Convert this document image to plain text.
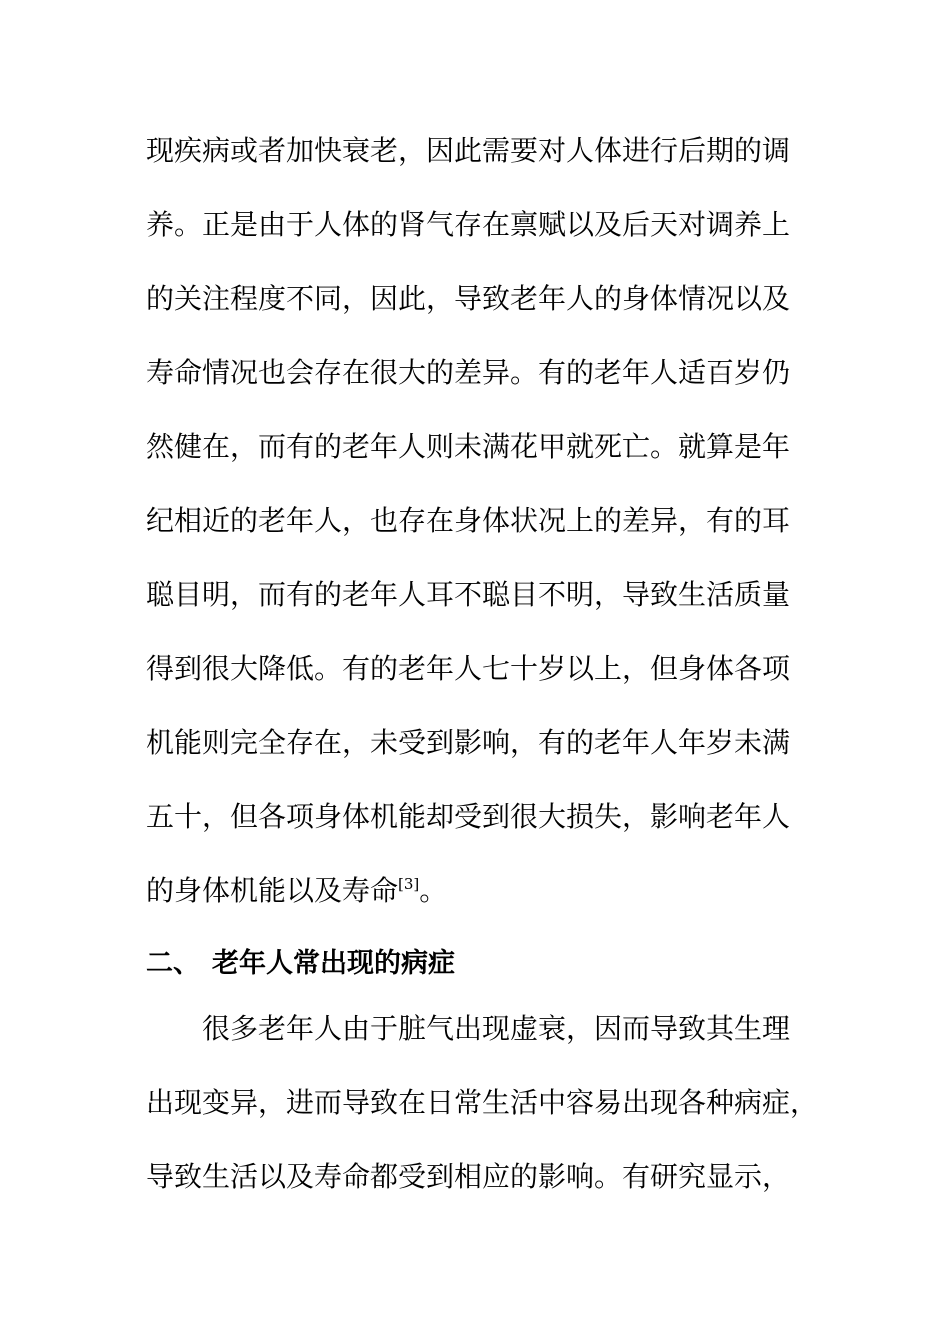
现疾病或者加快衰老，因此需要对人体进行后期的调
养。正是由于人体的肾气存在禀赋以及后天对调养上
的关注程度不同，因此，导致老年人的身体情况以及
寿命情况也会存在很大的差异。有的老年人适百岁仍
然健在，而有的老年人则未满花甲就死亡。就算是年
纪相近的老年人，也存在身体状况上的差异，有的耳
聪目明，而有的老年人耳不聪目不明，导致生活质量
得到很大降低。有的老年人七十岁以上，但身体各项
机能则完全存在，未受到影响，有的老年人年岁未满
五十，但各项身体机能却受到很大损失，影响老年人
的身体机能以及寿命[3]。
二、 老年人常出现的病症
很多老年人由于脏气出现虚衰，因而导致其生理
出现变异，进而导致在日常生活中容易出现各种病症，
导致生活以及寿命都受到相应的影响。有研究显示，
